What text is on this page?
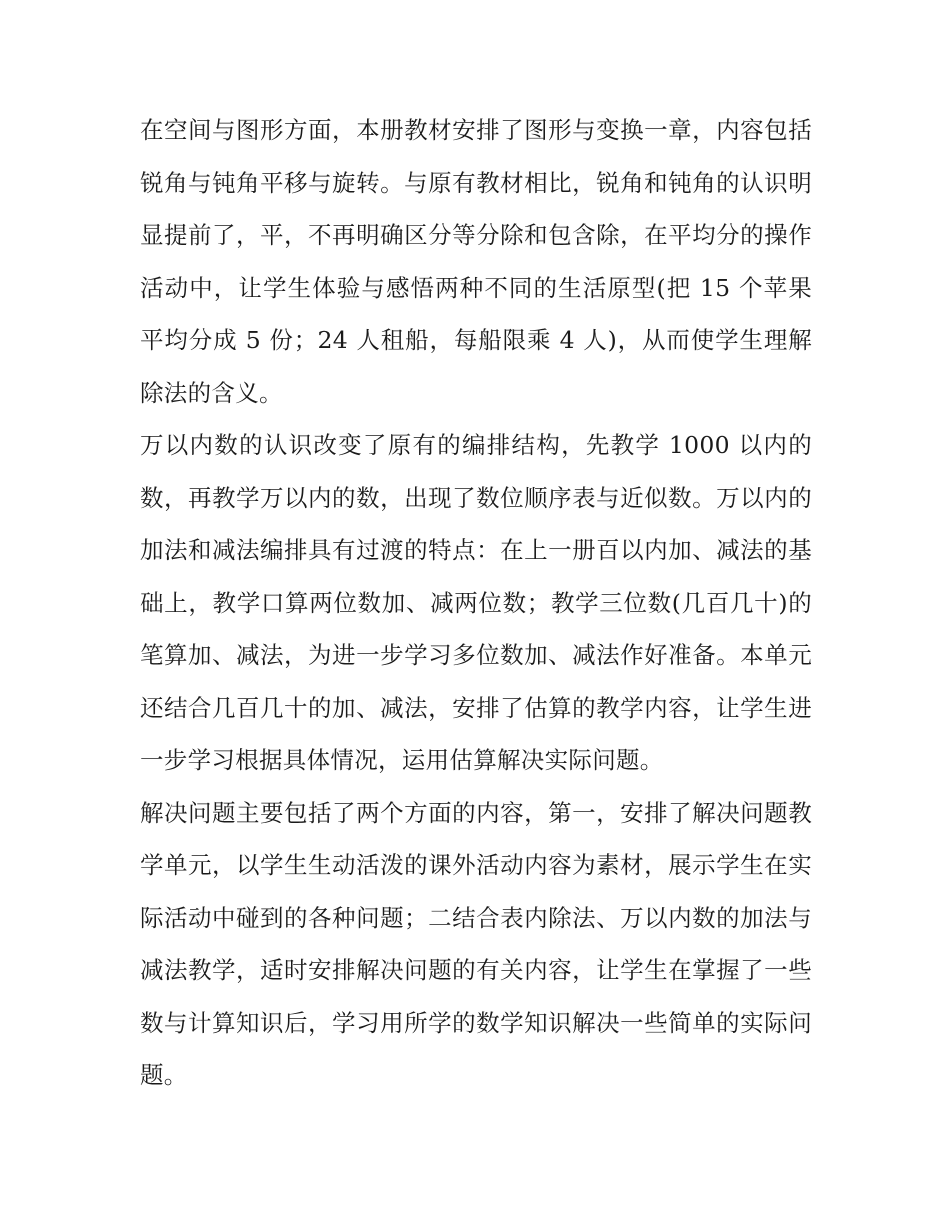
在空间与图形方面，本册教材安排了图形与变换一章，内容包括锐角与钝角平移与旋转。与原有教材相比，锐角和钝角的认识明显提前了，平，不再明确区分等分除和包含除，在平均分的操作活动中，让学生体验与感悟两种不同的生活原型(把 15 个苹果平均分成 5 份；24 人租船，每船限乘 4 人)，从而使学生理解除法的含义。

万以内数的认识改变了原有的编排结构，先教学 1000 以内的数，再教学万以内的数，出现了数位顺序表与近似数。万以内的加法和减法编排具有过渡的特点：在上一册百以内加、减法的基础上，教学口算两位数加、减两位数；教学三位数(几百几十)的笔算加、减法，为进一步学习多位数加、减法作好准备。本单元还结合几百几十的加、减法，安排了估算的教学内容，让学生进一步学习根据具体情况，运用估算解决实际问题。

解决问题主要包括了两个方面的内容，第一，安排了解决问题教学单元，以学生生动活泼的课外活动内容为素材，展示学生在实际活动中碰到的各种问题；二结合表内除法、万以内数的加法与减法教学，适时安排解决问题的有关内容，让学生在掌握了一些数与计算知识后，学习用所学的数学知识解决一些简单的实际问题。
